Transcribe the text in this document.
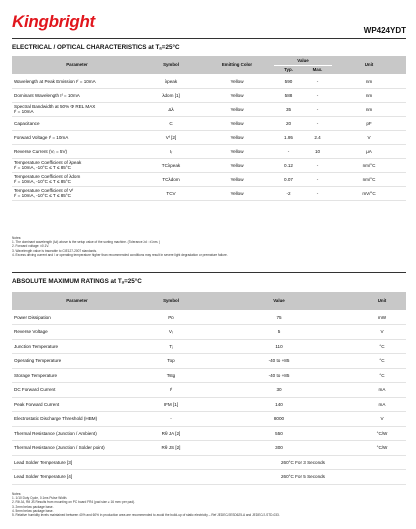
Kingbright	WP424YDT
ELECTRICAL / OPTICAL CHARACTERISTICS at Tₐ=25°C
Parameter	Symbol	Emitting Color	Value		Unit
			Typ.	Max.	

Wavelength at Peak Emission Iᶠ = 10mA	λpeak	Yellow	590	-	nm

Dominant Wavelength Iᶠ = 10mA	λdom [1]	Yellow	588	-	nm

Spectral Bandwidth at 50% Φ REL MAX
Iᶠ = 10mA	Δλ	Yellow	35	-	nm

Capacitance	C	Yellow	20	-	pF

Forward Voltage Iᶠ = 10mA	Vᶠ [2]	Yellow	1.95	2.4	V

Reverse Current (Vᵣ = 5V)	Iᵣ	Yellow	-	10	μA

Temperature Coefficient of λpeak
Iᶠ = 10mA, -10°C ≤ T ≤ 85°C	TCλpeak	Yellow	0.12	-	nm/°C

Temperature Coefficient of λdom
Iᶠ = 10mA, -10°C ≤ T ≤ 85°C	TCλdom	Yellow	0.07	-	nm/°C

Temperature Coefficient of Vᶠ
Iᶠ = 10mA, -10°C ≤ T ≤ 85°C	TCV	Yellow	-2	-	mV/°C
Notes:
1. The dominant wavelength (λd) above is the setup value of the sorting machine. (Tolerance λd : ±1nm. )
2. Forward voltage: ±0.1V.
3. Wavelength value is traceable to CIE127-2007 standards.
4. Excess driving current and / or operating temperature higher than recommended conditions may result in severe light degradation or premature failure.
ABSOLUTE MAXIMUM RATINGS at Tₐ=25°C
Parameter	Symbol	Value	Unit
Power Dissipation	Pᴅ	75	mW
Reverse Voltage	Vᵣ	5	V
Junction Temperature	Tⱼ	110	°C
Operating Temperature	Top	-40 to +85	°C
Storage Temperature	Tstg	-40 to +85	°C
DC Forward Current	Iᶠ	30	mA
Peak Forward Current	IFM [1]	140	mA
Electrostatic Discharge Threshold (HBM)	-	8000	V
Thermal Resistance (Junction / Ambient)	Rθ JA [2]	550	°C/W
Thermal Resistance (Junction / Solder point)	Rθ JS [2]	300	°C/W
Lead Solder Temperature [3]		260°C For 3 Seconds	
Lead Solder Temperature [4]		260°C For 5 Seconds	
Notes:
1. 1/10 Duty Cycle, 0.1ms Pulse Width.
2. Rθ JA, Rθ JS Results from mounting on PC board FR4 (pad size ≥ 16 mm² per pad).
3. 2mm below package base.
4. 5mm below package base.
5. Relative humidity levels maintained between 40% and 60% in production area are recommended to avoid the build-up of static electricity – Ref JEDEC/JESD625-A and JEDEC/J-STD-033.
